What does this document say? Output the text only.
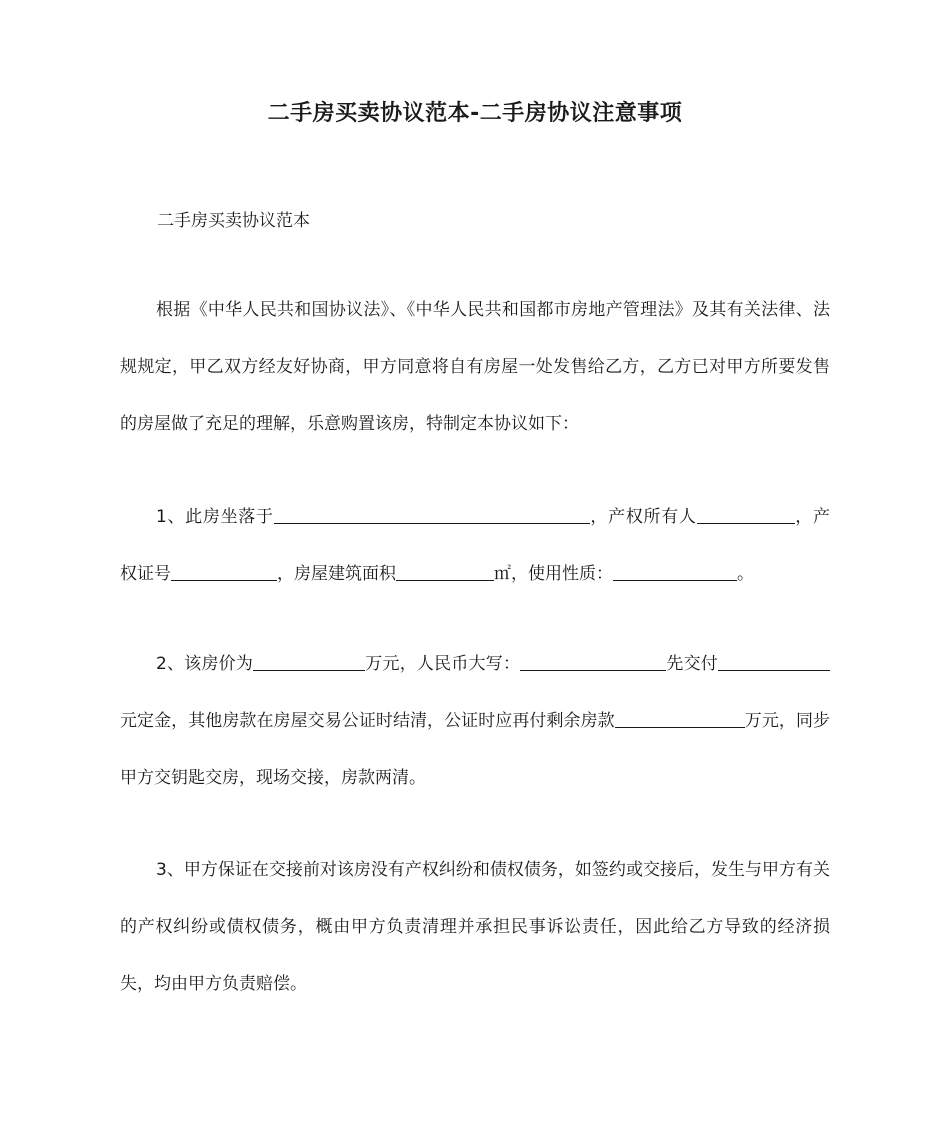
二手房买卖协议范本-二手房协议注意事项
二手房买卖协议范本

根据《中华人民共和国协议法》、《中华人民共和国都市房地产管理法》及其有关法律、法规规定，甲乙双方经友好协商，甲方同意将自有房屋一处发售给乙方，乙方已对甲方所要发售的房屋做了充足的理解，乐意购置该房，特制定本协议如下：

1、此房坐落于	，产权所有人	，产权证号	，房屋建筑面积	㎡，使用性质：	。

2、该房价为	万元，人民币大写：	先交付元定金，其他房款在房屋交易公证时结清，公证时应再付剩余房款	万元，同步甲方交钥匙交房，现场交接，房款两清。

3、甲方保证在交接前对该房没有产权纠纷和债权债务，如签约或交接后，发生与甲方有关的产权纠纷或债权债务，概由甲方负责清理并承担民事诉讼责任，因此给乙方导致的经济损失，均由甲方负责赔偿。
